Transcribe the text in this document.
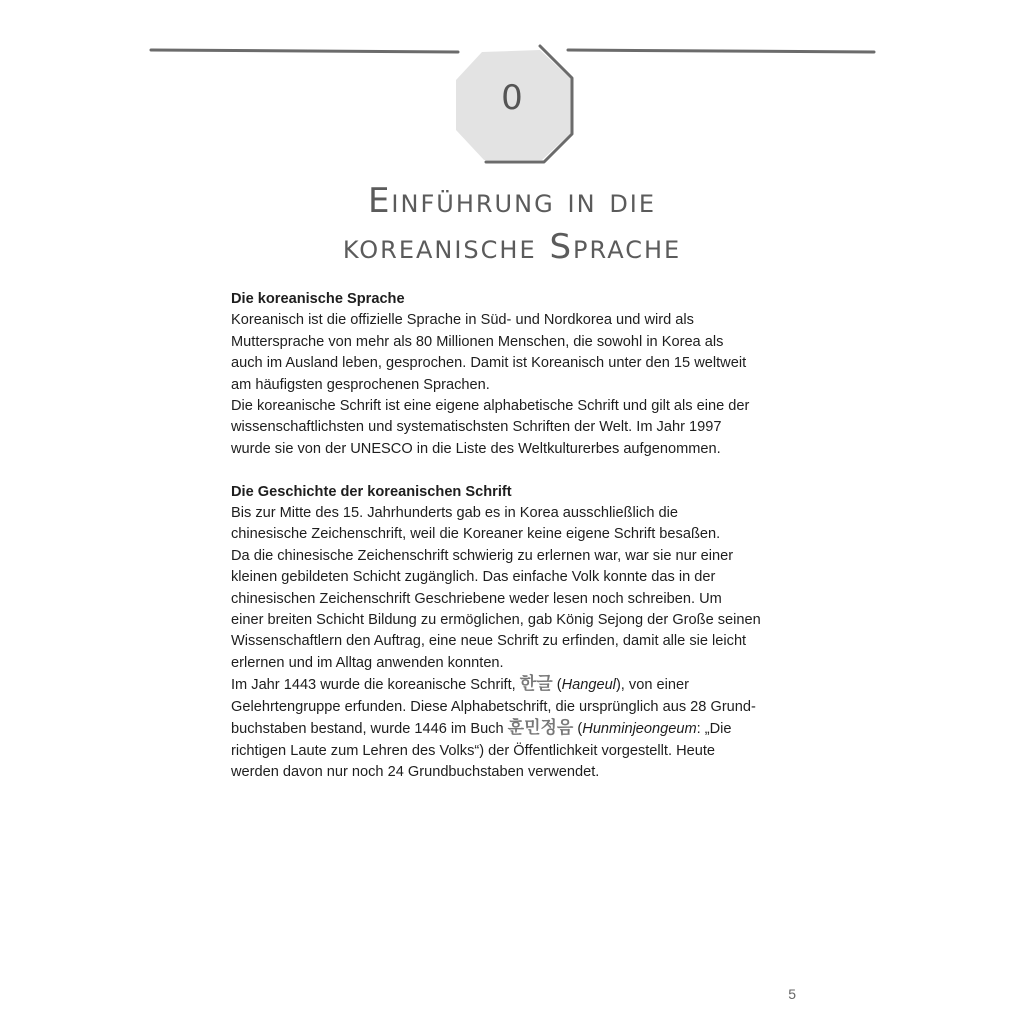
0
Einführung in die
koreanische Sprache
Die koreanische Sprache
Koreanisch ist die offizielle Sprache in Süd- und Nordkorea und wird als
Muttersprache von mehr als 80 Millionen Menschen, die sowohl in Korea als
auch im Ausland leben, gesprochen. Damit ist Koreanisch unter den 15 weltweit
am häufigsten gesprochenen Sprachen.
Die koreanische Schrift ist eine eigene alphabetische Schrift und gilt als eine der
wissenschaftlichsten und systematischsten Schriften der Welt. Im Jahr 1997
wurde sie von der UNESCO in die Liste des Weltkulturerbes aufgenommen.
Die Geschichte der koreanischen Schrift
Bis zur Mitte des 15. Jahrhunderts gab es in Korea ausschließlich die
chinesische Zeichenschrift, weil die Koreaner keine eigene Schrift besaßen.
Da die chinesische Zeichenschrift schwierig zu erlernen war, war sie nur einer
kleinen gebildeten Schicht zugänglich. Das einfache Volk konnte das in der
chinesischen Zeichenschrift Geschriebene weder lesen noch schreiben. Um
einer breiten Schicht Bildung zu ermöglichen, gab König Sejong der Große seinen
Wissenschaftlern den Auftrag, eine neue Schrift zu erfinden, damit alle sie leicht
erlernen und im Alltag anwenden konnten.
Im Jahr 1443 wurde die koreanische Schrift, 한글 (Hangeul), von einer
Gelehrtengruppe erfunden. Diese Alphabetschrift, die ursprünglich aus 28 Grund-
buchstaben bestand, wurde 1446 im Buch 훈민정음 (Hunminjeongeum: „Die
richtigen Laute zum Lehren des Volks“) der Öffentlichkeit vorgestellt. Heute
werden davon nur noch 24 Grundbuchstaben verwendet.
5
